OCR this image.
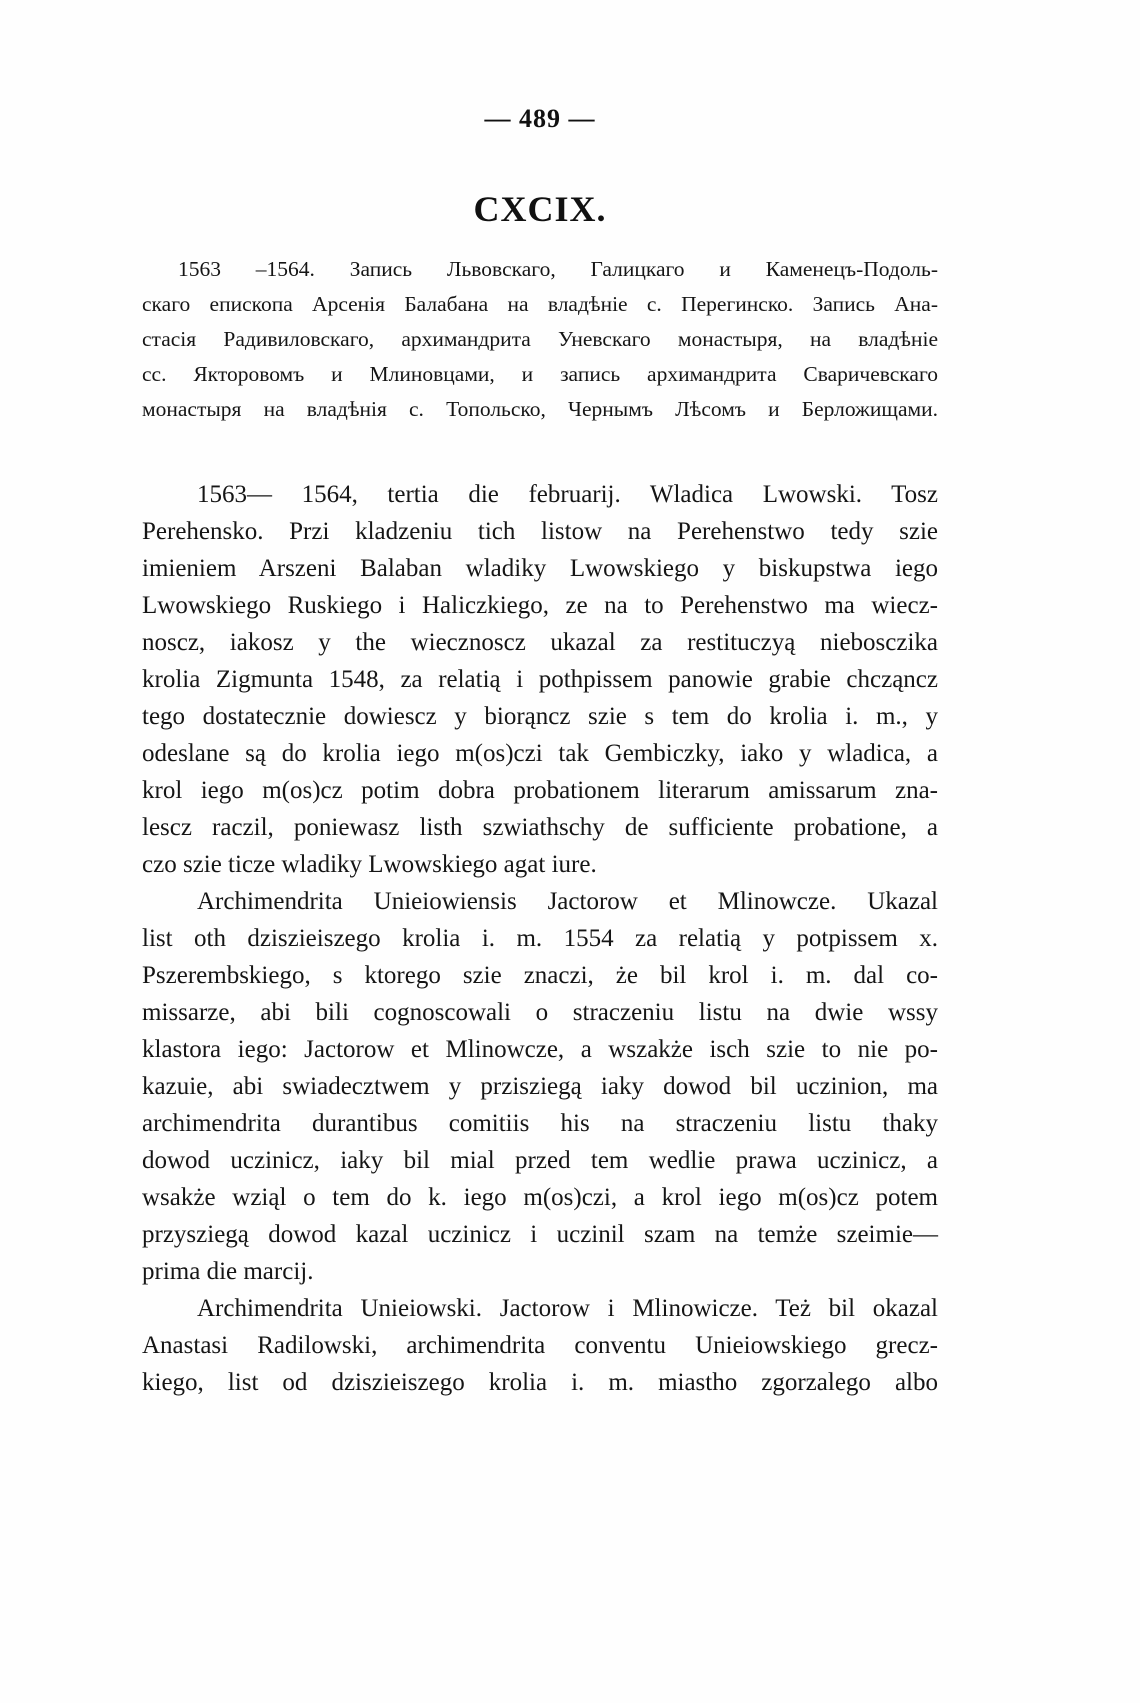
— 489 —
CXCIX.
1563 –1564. Запись Львовскаго, Галицкаго и Каменецъ-Подоль-
скаго епископа Арсенія Балабана на владѣніе с. Перегинско. Запись Ана-
стасія Радивиловскаго, архимандрита Уневскаго монастыря, на владѣніе
сс. Якторовомъ и Млиновцами, и запись архимандрита Сваричевскаго
монастыря на владѣнія с. Топольско, Чернымъ Лѣсомъ и Берложищами.
1563— 1564, tertia die februarij. Wladica Lwowski. Tosz
Perehensko. Przi kladzeniu tich listow na Perehenstwo tedy szie
imieniem Arszeni Balaban wladiky Lwowskiego y biskupstwa iego
Lwowskiego Ruskiego i Haliczkiego, ze na to Perehenstwo ma wiecz-
noscz, iakosz y the wiecznoscz ukazal za restituczyą niebosczika
krolia Zigmunta 1548, za relatią i pothpissem panowie grabie chcząncz
tego dostatecznie dowiescz y biorąncz szie s tem do krolia i. m., y
odeslane są do krolia iego m(os)czi tak Gembiczky, iako y wladica, a
krol iego m(os)cz potim dobra probationem literarum amissarum zna-
lescz raczil, poniewasz listh szwiathschy de sufficiente probatione, a
czo szie ticze wladiky Lwowskiego agat iure.
Archimendrita Unieiowiensis Jactorow et Mlinowcze. Ukazal
list oth dziszieiszego krolia i. m. 1554 za relatią y potpissem x.
Pszerembskiego, s ktorego szie znaczi, że bil krol i. m. dal co-
missarze, abi bili cognoscowali o straczeniu listu na dwie wssy
klastora iego: Jactorow et Mlinowcze, a wszakże isch szie to nie po-
kazuie, abi swiadecztwem y przisziegą iaky dowod bil uczinion, ma
archimendrita durantibus comitiis his na straczeniu listu thaky
dowod uczinicz, iaky bil mial przed tem wedlie prawa uczinicz, a
wsakże wziąl o tem do k. iego m(os)czi, a krol iego m(os)cz potem
przysziegą dowod kazal uczinicz i uczinil szam na temże szeimie—
prima die marcij.
Archimendrita Unieiowski. Jactorow i Mlinowicze. Też bil okazal
Anastasi Radilowski, archimendrita conventu Unieiowskiego grecz-
kiego, list od dziszieiszego krolia i. m. miastho zgorzalego albo
